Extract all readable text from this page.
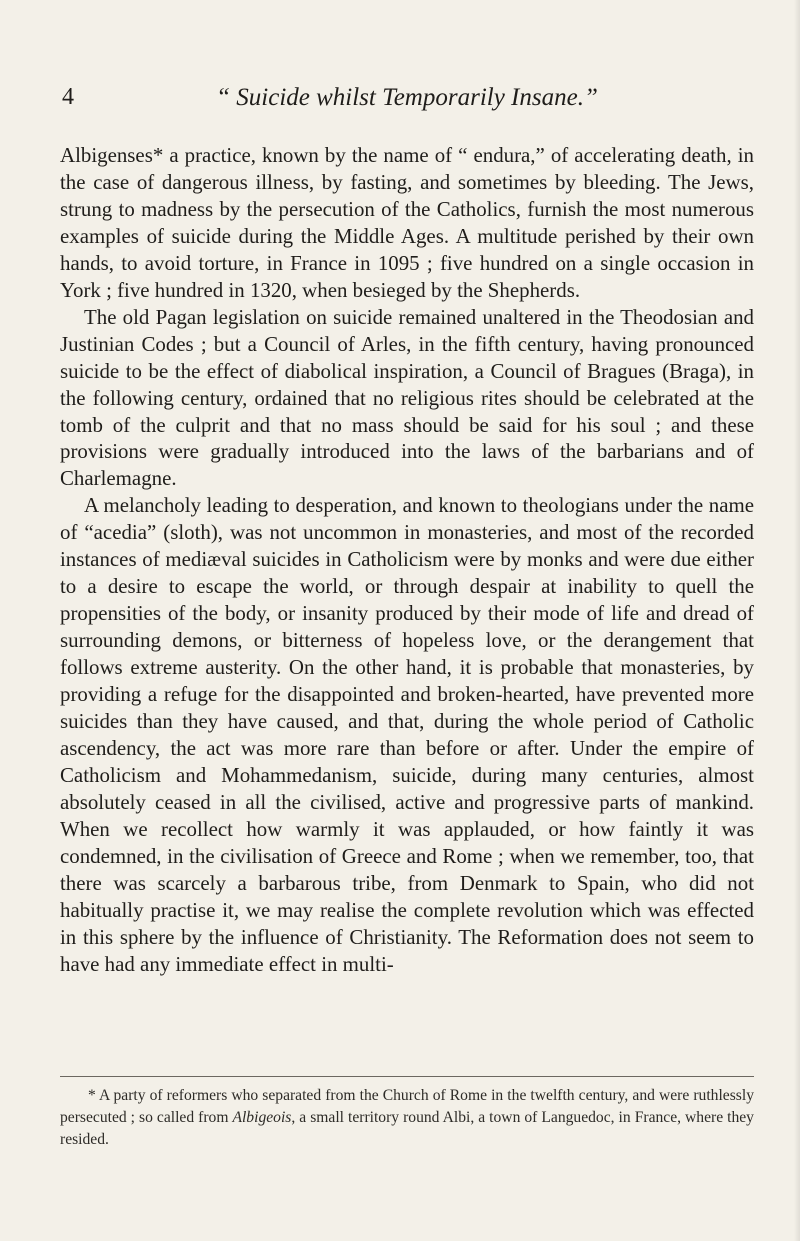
4	“ Suicide whilst Temporarily Insane.”

Albigenses* a practice, known by the name of “ endura,” of accelerating death, in the case of dangerous illness, by fasting, and sometimes by bleeding. The Jews, strung to madness by the persecution of the Catholics, furnish the most numerous examples of suicide during the Middle Ages. A multitude perished by their own hands, to avoid torture, in France in 1095 ; five hundred on a single occasion in York ; five hundred in 1320, when besieged by the Shepherds.

The old Pagan legislation on suicide remained unaltered in the Theodosian and Justinian Codes ; but a Council of Arles, in the fifth century, having pronounced suicide to be the effect of diabolical inspiration, a Council of Bragues (Braga), in the following century, ordained that no religious rites should be celebrated at the tomb of the culprit and that no mass should be said for his soul ; and these provisions were gradually introduced into the laws of the barbarians and of Charlemagne.

A melancholy leading to desperation, and known to theologians under the name of “acedia” (sloth), was not uncommon in monasteries, and most of the recorded instances of mediæval suicides in Catholicism were by monks and were due either to a desire to escape the world, or through despair at inability to quell the propensities of the body, or insanity produced by their mode of life and dread of surrounding demons, or bitterness of hopeless love, or the derangement that follows extreme austerity. On the other hand, it is probable that monasteries, by providing a refuge for the disappointed and broken-hearted, have prevented more suicides than they have caused, and that, during the whole period of Catholic ascendency, the act was more rare than before or after. Under the empire of Catholicism and Mohammedanism, suicide, during many centuries, almost absolutely ceased in all the civilised, active and progressive parts of mankind. When we recollect how warmly it was applauded, or how faintly it was condemned, in the civilisation of Greece and Rome ; when we remember, too, that there was scarcely a barbarous tribe, from Denmark to Spain, who did not habitually practise it, we may realise the complete revolution which was effected in this sphere by the influence of Christianity. The Reformation does not seem to have had any immediate effect in multi-

* A party of reformers who separated from the Church of Rome in the twelfth century, and were ruthlessly persecuted ; so called from Albigeois, a small territory round Albi, a town of Languedoc, in France, where they resided.
